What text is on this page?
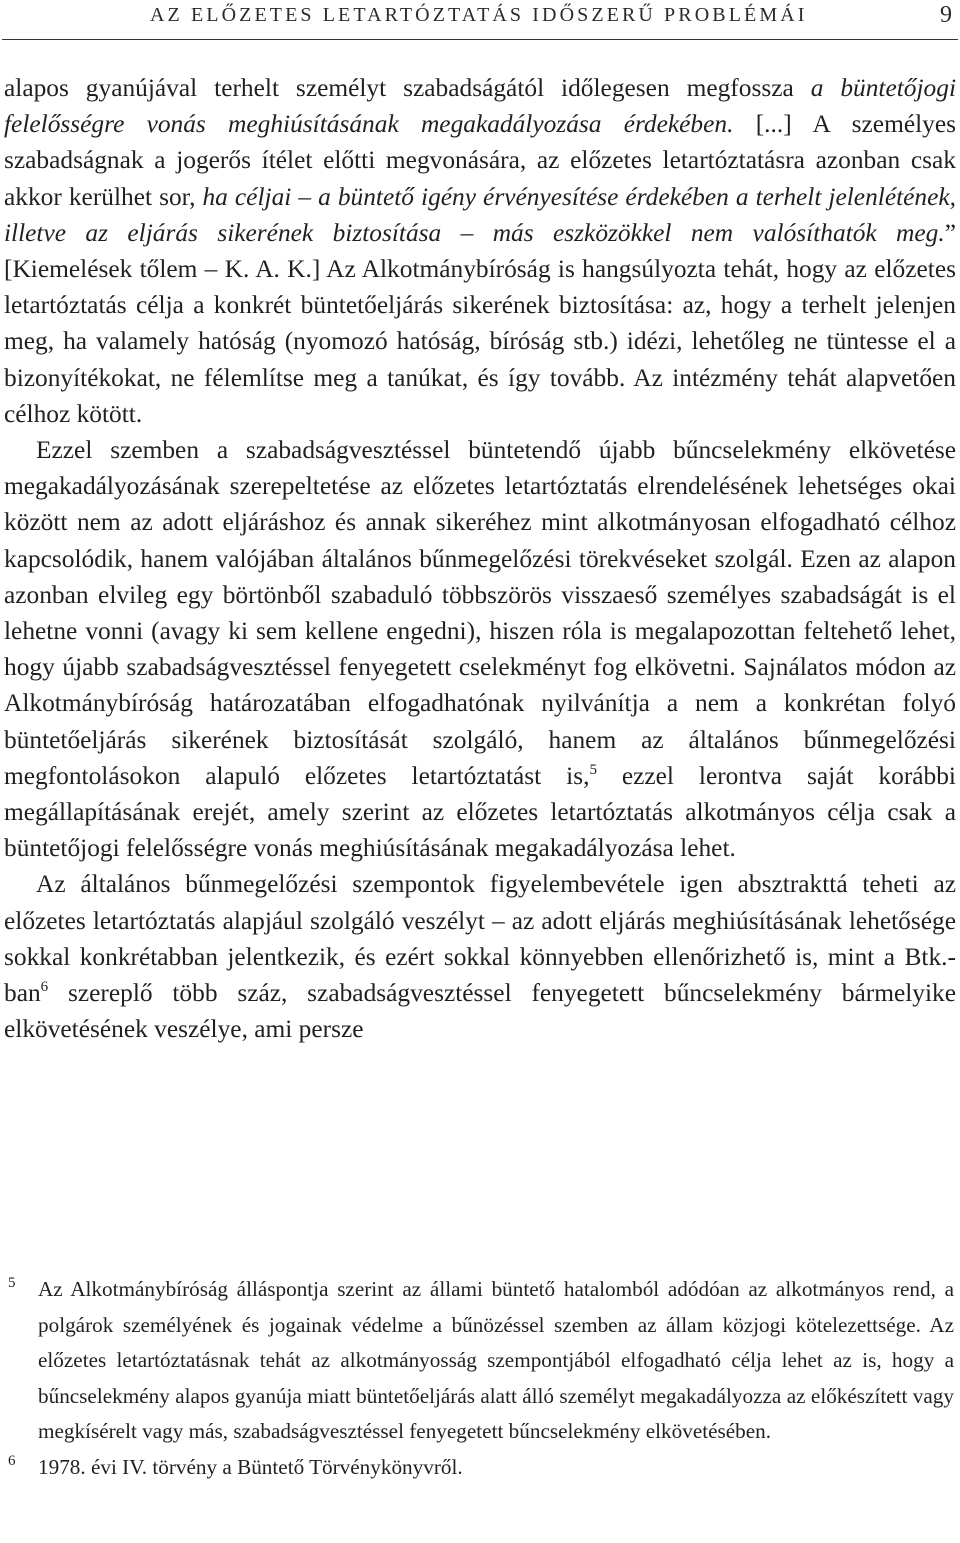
AZ ELŐZETES LETARTÓZTATÁS IDŐSZERŰ PROBLÉMÁI	9

alapos gyanújával terhelt személyt szabadságától időlegesen megfossza a büntetőjogi felelősségre vonás meghiúsításának megakadályozása érdekében. [...] A személyes szabadságnak a jogerős ítélet előtti megvonására, az előzetes letartóztatásra azonban csak akkor kerülhet sor, ha céljai – a büntető igény érvényesítése érdekében a terhelt jelenlétének, illetve az eljárás sikerének biztosítása – más eszközökkel nem valósíthatók meg.” [Kiemelések tőlem – K. A. K.] Az Alkotmánybíróság is hangsúlyozta tehát, hogy az előzetes letartóztatás célja a konkrét büntetőeljárás sikerének biztosítása: az, hogy a terhelt jelenjen meg, ha valamely hatóság (nyomozó hatóság, bíróság stb.) idézi, lehetőleg ne tüntesse el a bizonyítékokat, ne félemlítse meg a tanúkat, és így tovább. Az intézmény tehát alapvetően célhoz kötött.

Ezzel szemben a szabadságvesztéssel büntetendő újabb bűncselekmény elkövetése megakadályozásának szerepeltetése az előzetes letartóztatás elrendelésének lehetséges okai között nem az adott eljáráshoz és annak sikeréhez mint alkotmányosan elfogadható célhoz kapcsolódik, hanem valójában általános bűnmegelőzési törekvéseket szolgál. Ezen az alapon azonban elvileg egy börtönből szabaduló többszörös visszaeső személyes szabadságát is el lehetne vonni (avagy ki sem kellene engedni), hiszen róla is megalapozottan feltehető lehet, hogy újabb szabadságvesztéssel fenyegetett cselekményt fog elkövetni. Sajnálatos módon az Alkotmánybíróság határozatában elfogadhatónak nyilvánítja a nem a konkrétan folyó büntetőeljárás sikerének biztosítását szolgáló, hanem az általános bűnmegelőzési megfontolásokon alapuló előzetes letartóztatást is,$^5$ ezzel lerontva saját korábbi megállapításának erejét, amely szerint az előzetes letartóztatás alkotmányos célja csak a büntetőjogi felelősségre vonás meghiúsításának megakadályozása lehet.

Az általános bűnmegelőzési szempontok figyelembevétele igen absztrakttá teheti az előzetes letartóztatás alapjául szolgáló veszélyt – az adott eljárás meghiúsításának lehetősége sokkal konkrétabban jelentkezik, és ezért sokkal könnyebben ellenőrizhető is, mint a Btk.-ban$^6$ szereplő több száz, szabadságvesztéssel fenyegetett bűncselekmény bármelyike elkövetésének veszélye, ami persze

5 Az Alkotmánybíróság álláspontja szerint az állami büntető hatalomból adódóan az alkotmányos rend, a polgárok személyének és jogainak védelme a bűnözéssel szemben az állam közjogi kötelezettsége. Az előzetes letartóztatásnak tehát az alkotmányosság szempontjából elfogadható célja lehet az is, hogy a bűncselekmény alapos gyanúja miatt büntetőeljárás alatt álló személyt megakadályozza az előkészített vagy megkísérelt vagy más, szabadságvesztéssel fenyegetett bűncselekmény elkövetésében.
6 1978. évi IV. törvény a Büntető Törvénykönyvről.
